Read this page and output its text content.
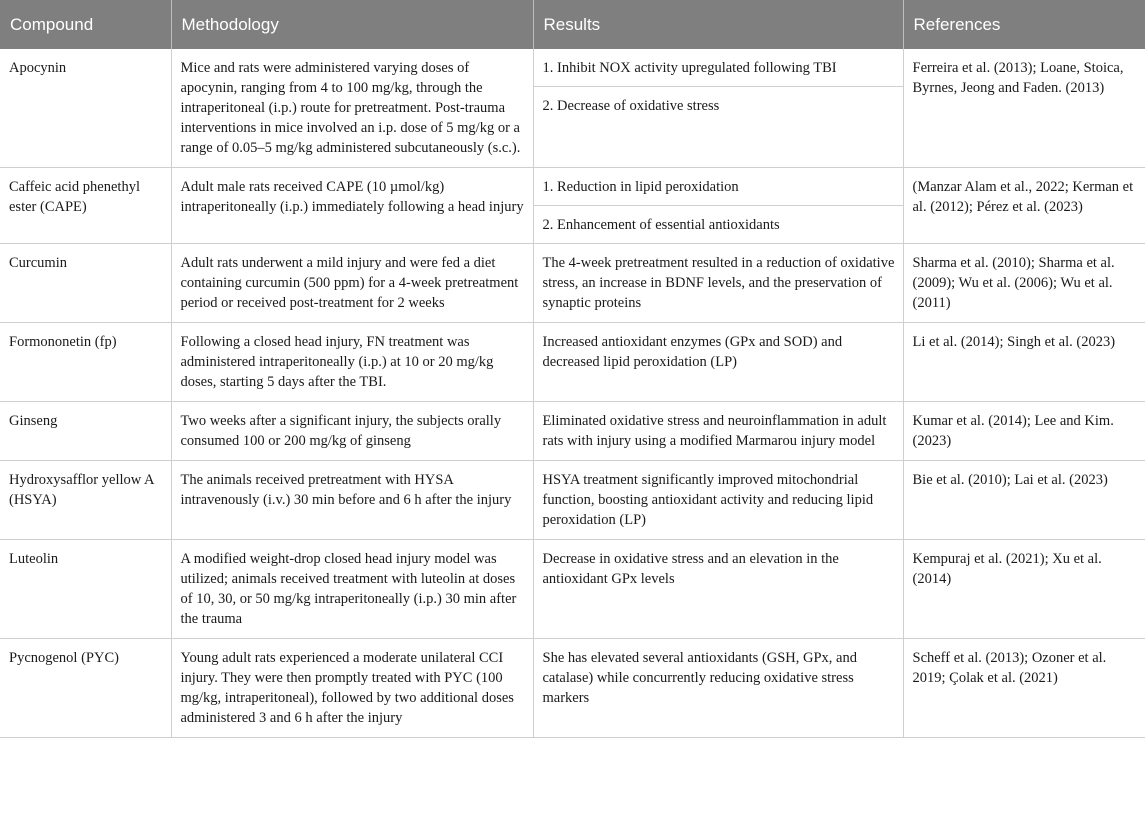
Compound	Methodology	Results	References
Apocynin	Mice and rats were administered varying doses of apocynin, ranging from 4 to 100 mg/kg, through the intraperitoneal (i.p.) route for pretreatment. Post-trauma interventions in mice involved an i.p. dose of 5 mg/kg or a range of 0.05–5 mg/kg administered subcutaneously (s.c.).	1. Inhibit NOX activity upregulated following TBI
2. Decrease of oxidative stress	Ferreira et al. (2013); Loane, Stoica, Byrnes, Jeong and Faden. (2013)
Caffeic acid phenethyl ester (CAPE)	Adult male rats received CAPE (10 µmol/kg) intraperitoneally (i.p.) immediately following a head injury	1. Reduction in lipid peroxidation
2. Enhancement of essential antioxidants	(Manzar Alam et al., 2022; Kerman et al. (2012); Pérez et al. (2023)
Curcumin	Adult rats underwent a mild injury and were fed a diet containing curcumin (500 ppm) for a 4-week pretreatment period or received post-treatment for 2 weeks	The 4-week pretreatment resulted in a reduction of oxidative stress, an increase in BDNF levels, and the preservation of synaptic proteins	Sharma et al. (2010); Sharma et al. (2009); Wu et al. (2006); Wu et al. (2011)
Formononetin (fp)	Following a closed head injury, FN treatment was administered intraperitoneally (i.p.) at 10 or 20 mg/kg doses, starting 5 days after the TBI.	Increased antioxidant enzymes (GPx and SOD) and decreased lipid peroxidation (LP)	Li et al. (2014); Singh et al. (2023)
Ginseng	Two weeks after a significant injury, the subjects orally consumed 100 or 200 mg/kg of ginseng	Eliminated oxidative stress and neuroinflammation in adult rats with injury using a modified Marmarou injury model	Kumar et al. (2014); Lee and Kim. (2023)
Hydroxysafflor yellow A (HSYA)	The animals received pretreatment with HYSA intravenously (i.v.) 30 min before and 6 h after the injury	HSYA treatment significantly improved mitochondrial function, boosting antioxidant activity and reducing lipid peroxidation (LP)	Bie et al. (2010); Lai et al. (2023)
Luteolin	A modified weight-drop closed head injury model was utilized; animals received treatment with luteolin at doses of 10, 30, or 50 mg/kg intraperitoneally (i.p.) 30 min after the trauma	Decrease in oxidative stress and an elevation in the antioxidant GPx levels	Kempuraj et al. (2021); Xu et al. (2014)
Pycnogenol (PYC)	Young adult rats experienced a moderate unilateral CCI injury. They were then promptly treated with PYC (100 mg/kg, intraperitoneal), followed by two additional doses administered 3 and 6 h after the injury	She has elevated several antioxidants (GSH, GPx, and catalase) while concurrently reducing oxidative stress markers	Scheff et al. (2013); Ozoner et al. 2019; Çolak et al. (2021)
